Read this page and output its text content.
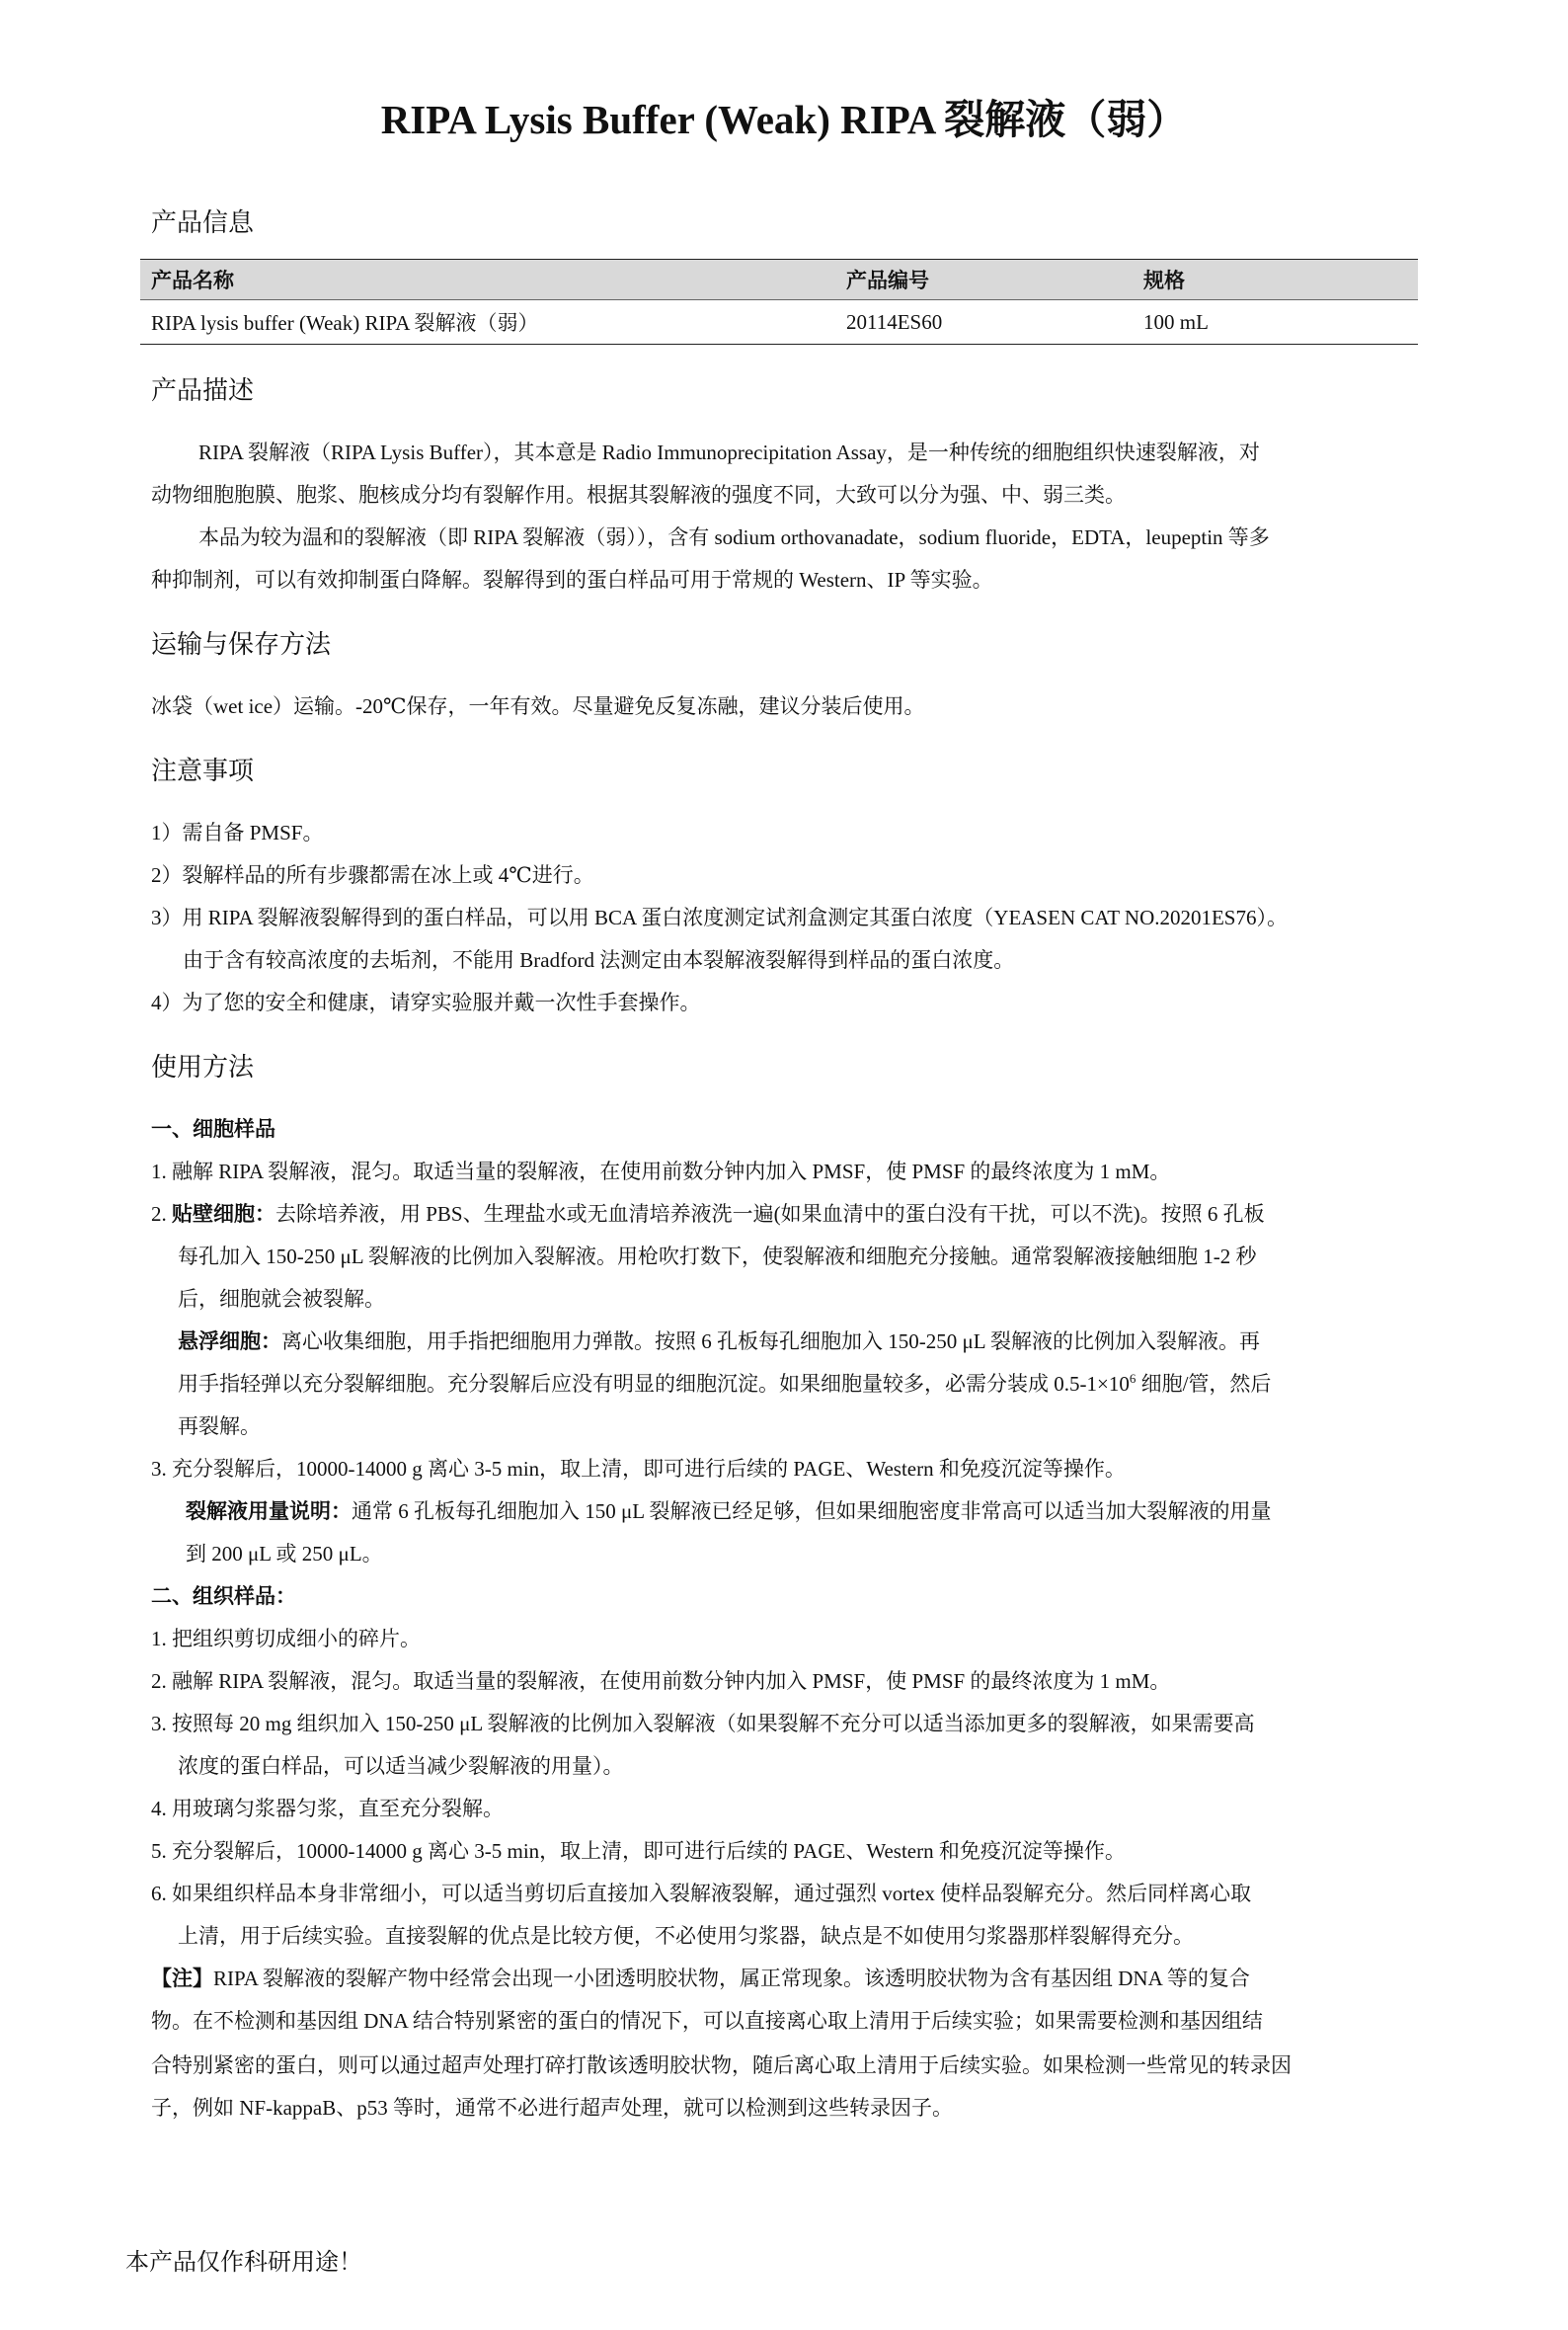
RIPA Lysis Buffer (Weak) RIPA 裂解液（弱）
产品信息
产品名称	产品编号	规格
RIPA lysis buffer (Weak) RIPA 裂解液（弱）	20114ES60	100 mL
产品描述
RIPA 裂解液（RIPA Lysis Buffer），其本意是 Radio Immunoprecipitation Assay，是一种传统的细胞组织快速裂解液，对
动物细胞胞膜、胞浆、胞核成分均有裂解作用。根据其裂解液的强度不同，大致可以分为强、中、弱三类。
本品为较为温和的裂解液（即 RIPA 裂解液（弱）），含有 sodium orthovanadate，sodium fluoride，EDTA，leupeptin 等多
种抑制剂，可以有效抑制蛋白降解。裂解得到的蛋白样品可用于常规的 Western、IP 等实验。
运输与保存方法
冰袋（wet ice）运输。-20℃保存，一年有效。尽量避免反复冻融，建议分装后使用。
注意事项
1）需自备 PMSF。
2）裂解样品的所有步骤都需在冰上或 4℃进行。
3）用 RIPA 裂解液裂解得到的蛋白样品，可以用 BCA 蛋白浓度测定试剂盒测定其蛋白浓度（YEASEN CAT NO.20201ES76）。
由于含有较高浓度的去垢剂，不能用 Bradford 法测定由本裂解液裂解得到样品的蛋白浓度。
4）为了您的安全和健康，请穿实验服并戴一次性手套操作。
使用方法
一、细胞样品
1. 融解 RIPA 裂解液，混匀。取适当量的裂解液，在使用前数分钟内加入 PMSF，使 PMSF 的最终浓度为 1 mM。
2. 贴壁细胞：去除培养液，用 PBS、生理盐水或无血清培养液洗一遍(如果血清中的蛋白没有干扰，可以不洗)。按照 6 孔板
每孔加入 150-250 μL 裂解液的比例加入裂解液。用枪吹打数下，使裂解液和细胞充分接触。通常裂解液接触细胞 1-2 秒
后，细胞就会被裂解。
悬浮细胞：离心收集细胞，用手指把细胞用力弹散。按照 6 孔板每孔细胞加入 150-250 μL 裂解液的比例加入裂解液。再
用手指轻弹以充分裂解细胞。充分裂解后应没有明显的细胞沉淀。如果细胞量较多，必需分装成 $0.5-1\times 10^6$ 细胞/管，然后
再裂解。
3. 充分裂解后，10000-14000 g 离心 3-5 min，取上清，即可进行后续的 PAGE、Western 和免疫沉淀等操作。
裂解液用量说明：通常 6 孔板每孔细胞加入 150 μL 裂解液已经足够，但如果细胞密度非常高可以适当加大裂解液的用量
到 200 μL 或 250 μL。
二、组织样品：
1. 把组织剪切成细小的碎片。
2. 融解 RIPA 裂解液，混匀。取适当量的裂解液，在使用前数分钟内加入 PMSF，使 PMSF 的最终浓度为 1 mM。
3. 按照每 20 mg 组织加入 150-250 μL 裂解液的比例加入裂解液（如果裂解不充分可以适当添加更多的裂解液，如果需要高
浓度的蛋白样品，可以适当减少裂解液的用量）。
4. 用玻璃匀浆器匀浆，直至充分裂解。
5. 充分裂解后，10000-14000 g 离心 3-5 min，取上清，即可进行后续的 PAGE、Western 和免疫沉淀等操作。
6. 如果组织样品本身非常细小，可以适当剪切后直接加入裂解液裂解，通过强烈 vortex 使样品裂解充分。然后同样离心取
上清，用于后续实验。直接裂解的优点是比较方便，不必使用匀浆器，缺点是不如使用匀浆器那样裂解得充分。
【注】RIPA 裂解液的裂解产物中经常会出现一小团透明胶状物，属正常现象。该透明胶状物为含有基因组 DNA 等的复合
物。在不检测和基因组 DNA 结合特别紧密的蛋白的情况下，可以直接离心取上清用于后续实验；如果需要检测和基因组结
合特别紧密的蛋白，则可以通过超声处理打碎打散该透明胶状物，随后离心取上清用于后续实验。如果检测一些常见的转录因
子，例如 NF-kappaB、p53 等时，通常不必进行超声处理，就可以检测到这些转录因子。
本产品仅作科研用途！
